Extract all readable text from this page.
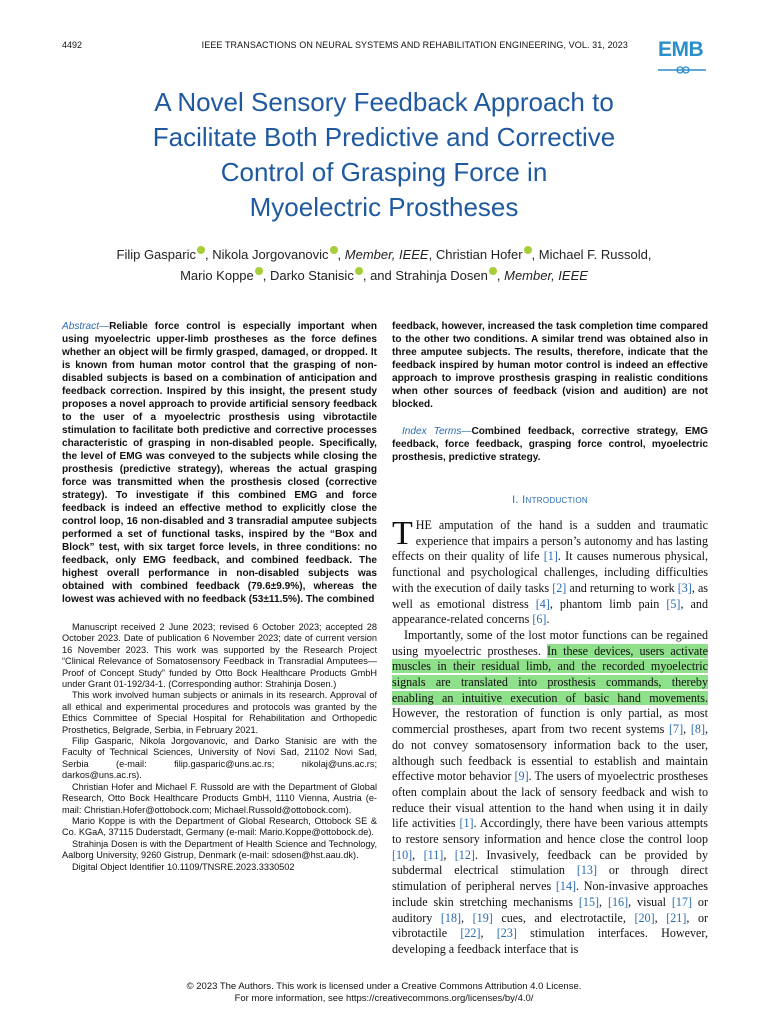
4492	IEEE TRANSACTIONS ON NEURAL SYSTEMS AND REHABILITATION ENGINEERING, VOL. 31, 2023 EMB
A Novel Sensory Feedback Approach to
Facilitate Both Predictive and Corrective
Control of Grasping Force in
Myoelectric Prostheses
Filip Gasparic , Nikola Jorgovanovic , Member, IEEE, Christian Hofer , Michael F. Russold,
Mario Koppe , Darko Stanisic , and Strahinja Dosen , Member, IEEE

Abstract—Reliable force control is especially important when using myoelectric upper-limb prostheses as the force defines whether an object will be firmly grasped, damaged, or dropped. It is known from human motor control that the grasping of non-disabled subjects is based on a combination of anticipation and feedback correction. Inspired by this insight, the present study proposes a novel approach to provide artificial sensory feedback to the user of a myoelectric prosthesis using vibrotactile stimulation to facilitate both predictive and corrective processes characteristic of grasping in non-disabled people. Specifically, the level of EMG was conveyed to the subjects while closing the prosthesis (predictive strategy), whereas the actual grasping force was transmitted when the prosthesis closed (corrective strategy). To investigate if this combined EMG and force feedback is indeed an effective method to explicitly close the control loop, 16 non-disabled and 3 transradial amputee subjects performed a set of functional tasks, inspired by the “Box and Block” test, with six target force levels, in three conditions: no feedback, only EMG feedback, and combined feedback. The highest overall performance in non-disabled subjects was obtained with combined feedback (79.6±9.9%), whereas the lowest was achieved with no feedback (53±11.5%). The combined

Manuscript received 2 June 2023; revised 6 October 2023; accepted 28 October 2023. Date of publication 6 November 2023; date of current version 16 November 2023. This work was supported by the Research Project “Clinical Relevance of Somatosensory Feedback in Transradial Amputees—Proof of Concept Study” funded by Otto Bock Healthcare Products GmbH under Grant 01-192/34-1. (Corresponding author: Strahinja Dosen.)

This work involved human subjects or animals in its research. Approval of all ethical and experimental procedures and protocols was granted by the Ethics Committee of Special Hospital for Rehabilitation and Orthopedic Prosthetics, Belgrade, Serbia, in February 2021.

Filip Gasparic, Nikola Jorgovanovic, and Darko Stanisic are with the Faculty of Technical Sciences, University of Novi Sad, 21102 Novi Sad, Serbia (e-mail: filip.gasparic@uns.ac.rs; nikolaj@uns.ac.rs; darkos@uns.ac.rs).

Christian Hofer and Michael F. Russold are with the Department of Global Research, Otto Bock Healthcare Products GmbH, 1110 Vienna, Austria (e-mail: Christian.Hofer@ottobock.com; Michael.Russold@ottobock.com).

Mario Koppe is with the Department of Global Research, Ottobock SE & Co. KGaA, 37115 Duderstadt, Germany (e-mail: Mario.Koppe@ottobock.de).

Strahinja Dosen is with the Department of Health Science and Technology, Aalborg University, 9260 Gistrup, Denmark (e-mail: sdosen@hst.aau.dk).

Digital Object Identifier 10.1109/TNSRE.2023.3330502

feedback, however, increased the task completion time compared to the other two conditions. A similar trend was obtained also in three amputee subjects. The results, therefore, indicate that the feedback inspired by human motor control is indeed an effective approach to improve prosthesis grasping in realistic conditions when other sources of feedback (vision and audition) are not blocked.

Index Terms—Combined feedback, corrective strategy, EMG feedback, force feedback, grasping force control, myoelectric prosthesis, predictive strategy.

I. Introduction

THE amputation of the hand is a sudden and traumatic experience that impairs a person’s autonomy and has lasting effects on their quality of life [1]. It causes numerous physical, functional and psychological challenges, including difficulties with the execution of daily tasks [2] and returning to work [3], as well as emotional distress [4], phantom limb pain [5], and appearance-related concerns [6].

Importantly, some of the lost motor functions can be regained using myoelectric prostheses. In these devices, users activate muscles in their residual limb, and the recorded myoelectric signals are translated into prosthesis commands, thereby enabling an intuitive execution of basic hand movements. However, the restoration of function is only partial, as most commercial prostheses, apart from two recent systems [7], [8], do not convey somatosensory information back to the user, although such feedback is essential to establish and maintain effective motor behavior [9]. The users of myoelectric prostheses often complain about the lack of sensory feedback and wish to reduce their visual attention to the hand when using it in daily life activities [1]. Accordingly, there have been various attempts to restore sensory information and hence close the control loop [10], [11], [12]. Invasively, feedback can be provided by subdermal electrical stimulation [13] or through direct stimulation of peripheral nerves [14]. Non-invasive approaches include skin stretching mechanisms [15], [16], visual [17] or auditory [18], [19] cues, and electrotactile, [20], [21], or vibrotactile [22], [23] stimulation interfaces. However, developing a feedback interface that is

© 2023 The Authors. This work is licensed under a Creative Commons Attribution 4.0 License.
For more information, see https://creativecommons.org/licenses/by/4.0/
